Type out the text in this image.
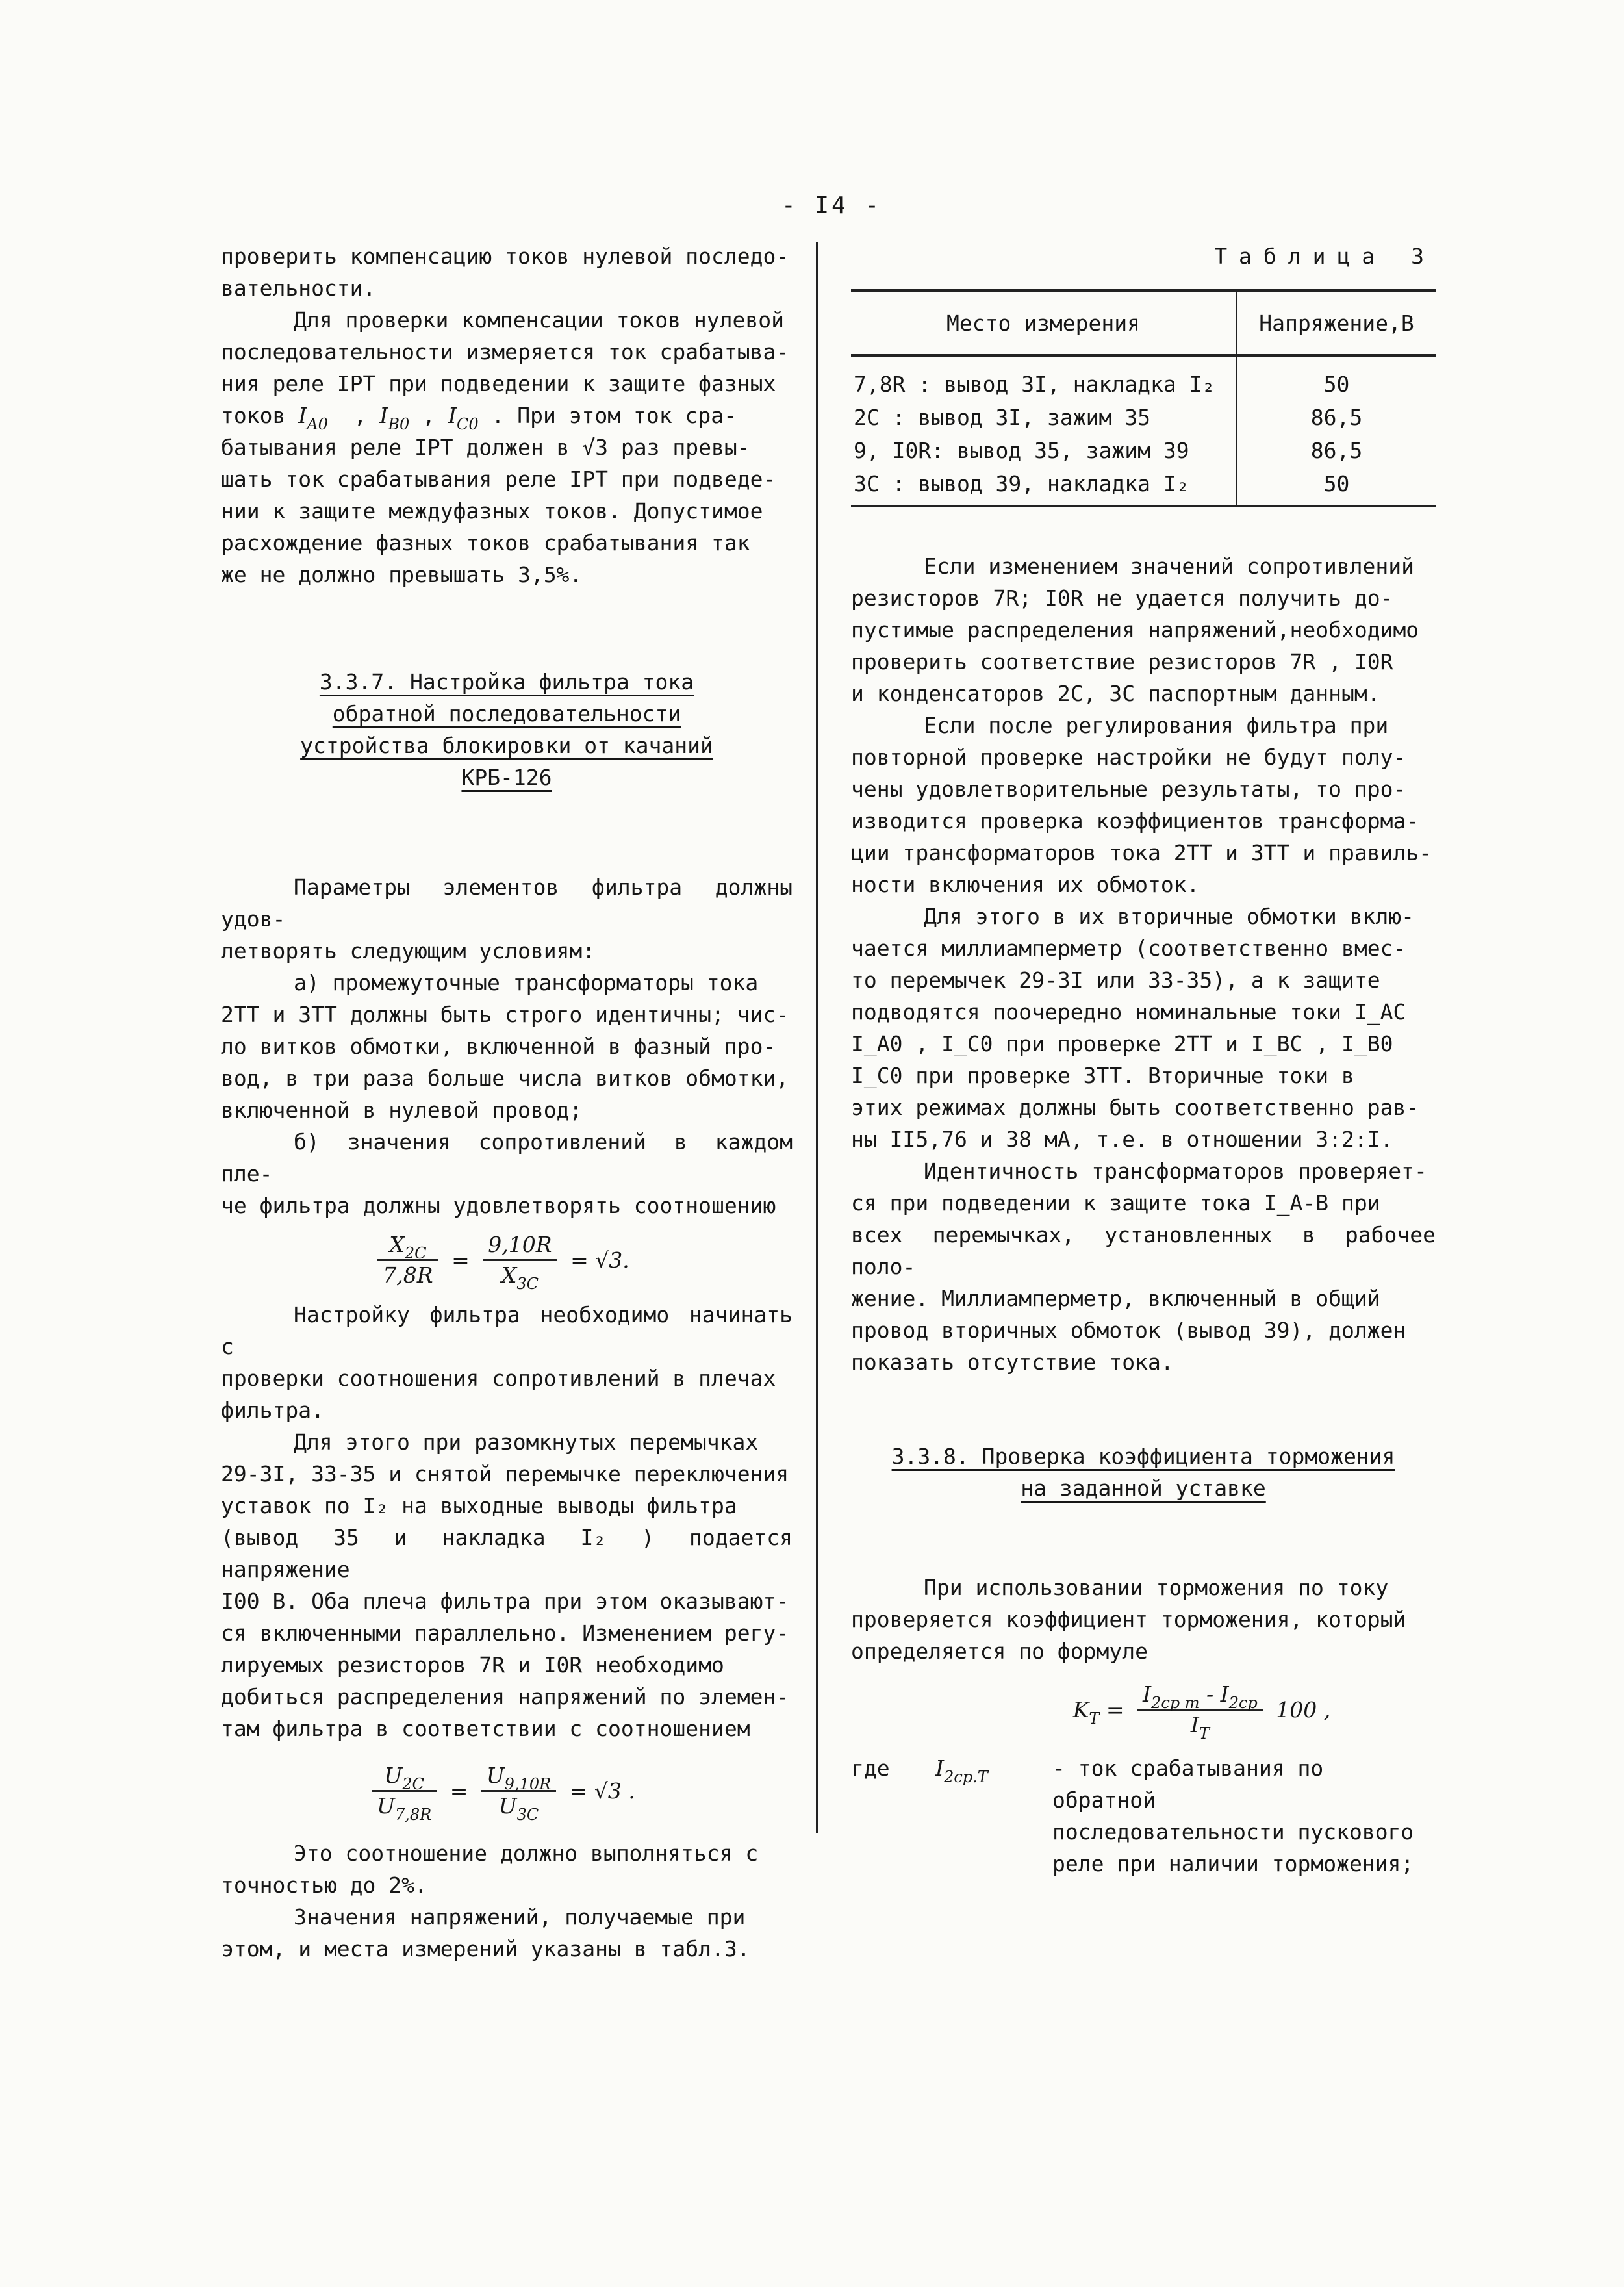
- I4 -

проверить компенсацию токов нулевой последо-
вательности.

Для проверки компенсации токов нулевой
последовательности измеряется ток срабатыва-
ния реле IРТ при подведении к защите фазных
токов $I_{A0}$  , $I_{B0}$ , $I_{C0}$ . При этом ток сра-
батывания реле IРТ должен в √3 раз превы-
шать ток срабатывания реле IРТ при подведе-
нии к защите междуфазных токов. Допустимое
расхождение фазных токов срабатывания так
же не должно превышать 3,5%.

3.3.7. Настройка фильтра тока
обратной последовательности
устройства блокировки от качаний
КРБ-126

Параметры элементов фильтра должны удов-
летворять следующим условиям:

а) промежуточные трансформаторы тока
2ТТ и 3ТТ должны быть строго идентичны; чис-
ло витков обмотки, включенной в фазный про-
вод, в три раза больше числа витков обмотки,
включенной в нулевой провод;

б) значения сопротивлений в каждом пле-
че фильтра должны удовлетворять соотношению

$\frac{X_{2C}}{7,8R} = \frac{9,10R}{X_{3C}} = √3$.

Настройку фильтра необходимо начинать с
проверки соотношения сопротивлений в плечах
фильтра.

Для этого при разомкнутых перемычках
29-3I, 33-35 и снятой перемычке переключения
уставок по I₂ на выходные выводы фильтра
(вывод 35 и накладка I₂ ) подается напряжение
I00 В. Оба плеча фильтра при этом оказывают-
ся включенными параллельно. Изменением регу-
лируемых резисторов 7R и I0R необходимо
добиться распределения напряжений по элемен-
там фильтра в соответствии с соотношением

$\frac{U_{2C}}{U_{7,8R}} = \frac{U_{9,10R}}{U_{3C}} = √3$ .

Это соотношение должно выполняться с
точностью до 2%.

Значения напряжений, получаемые при
этом, и места измерений указаны в табл.3.

Таблица 3
Место измерения	Напряжение,В
7,8R : вывод 3I, накладка I₂	50
2С : вывод 3I, зажим 35	86,5
9, I0R: вывод 35, зажим 39	86,5
3С : вывод 39, накладка I₂	50

Если изменением значений сопротивлений
резисторов 7R; I0R не удается получить до-
пустимые распределения напряжений,необходимо
проверить соответствие резисторов 7R , I0R
и конденсаторов 2С, 3С паспортным данным.

Если после регулирования фильтра при
повторной проверке настройки не будут полу-
чены удовлетворительные результаты, то про-
изводится проверка коэффициентов трансформа-
ции трансформаторов тока 2ТТ и 3ТТ и правиль-
ности включения их обмоток.

Для этого в их вторичные обмотки вклю-
чается миллиамперметр (соответственно вмес-
то перемычек 29-3I или 33-35), а к защите
подводятся поочередно номинальные токи I_AC
I_A0 , I_C0 при проверке 2ТТ и I_BC , I_B0
I_C0 при проверке 3ТТ. Вторичные токи в
этих режимах должны быть соответственно рав-
ны II5,76 и 38 мА, т.е. в отношении 3:2:I.

Идентичность трансформаторов проверяет-
ся при подведении к защите тока I_A-B при
всех перемычках, установленных в рабочее поло-
жение. Миллиамперметр, включенный в общий
провод вторичных обмоток (вывод 39), должен
показать отсутствие тока.

3.3.8. Проверка коэффициента торможения
на заданной уставке

При использовании торможения по току
проверяется коэффициент торможения, который
определяется по формуле

$K_T = \frac{I_{2cp т} - I_{2cp}}{I_T} 100$ ,
где	$I_{2cp.T}$	- ток срабатывания по обратной
последовательности пускового
реле при наличии торможения;
